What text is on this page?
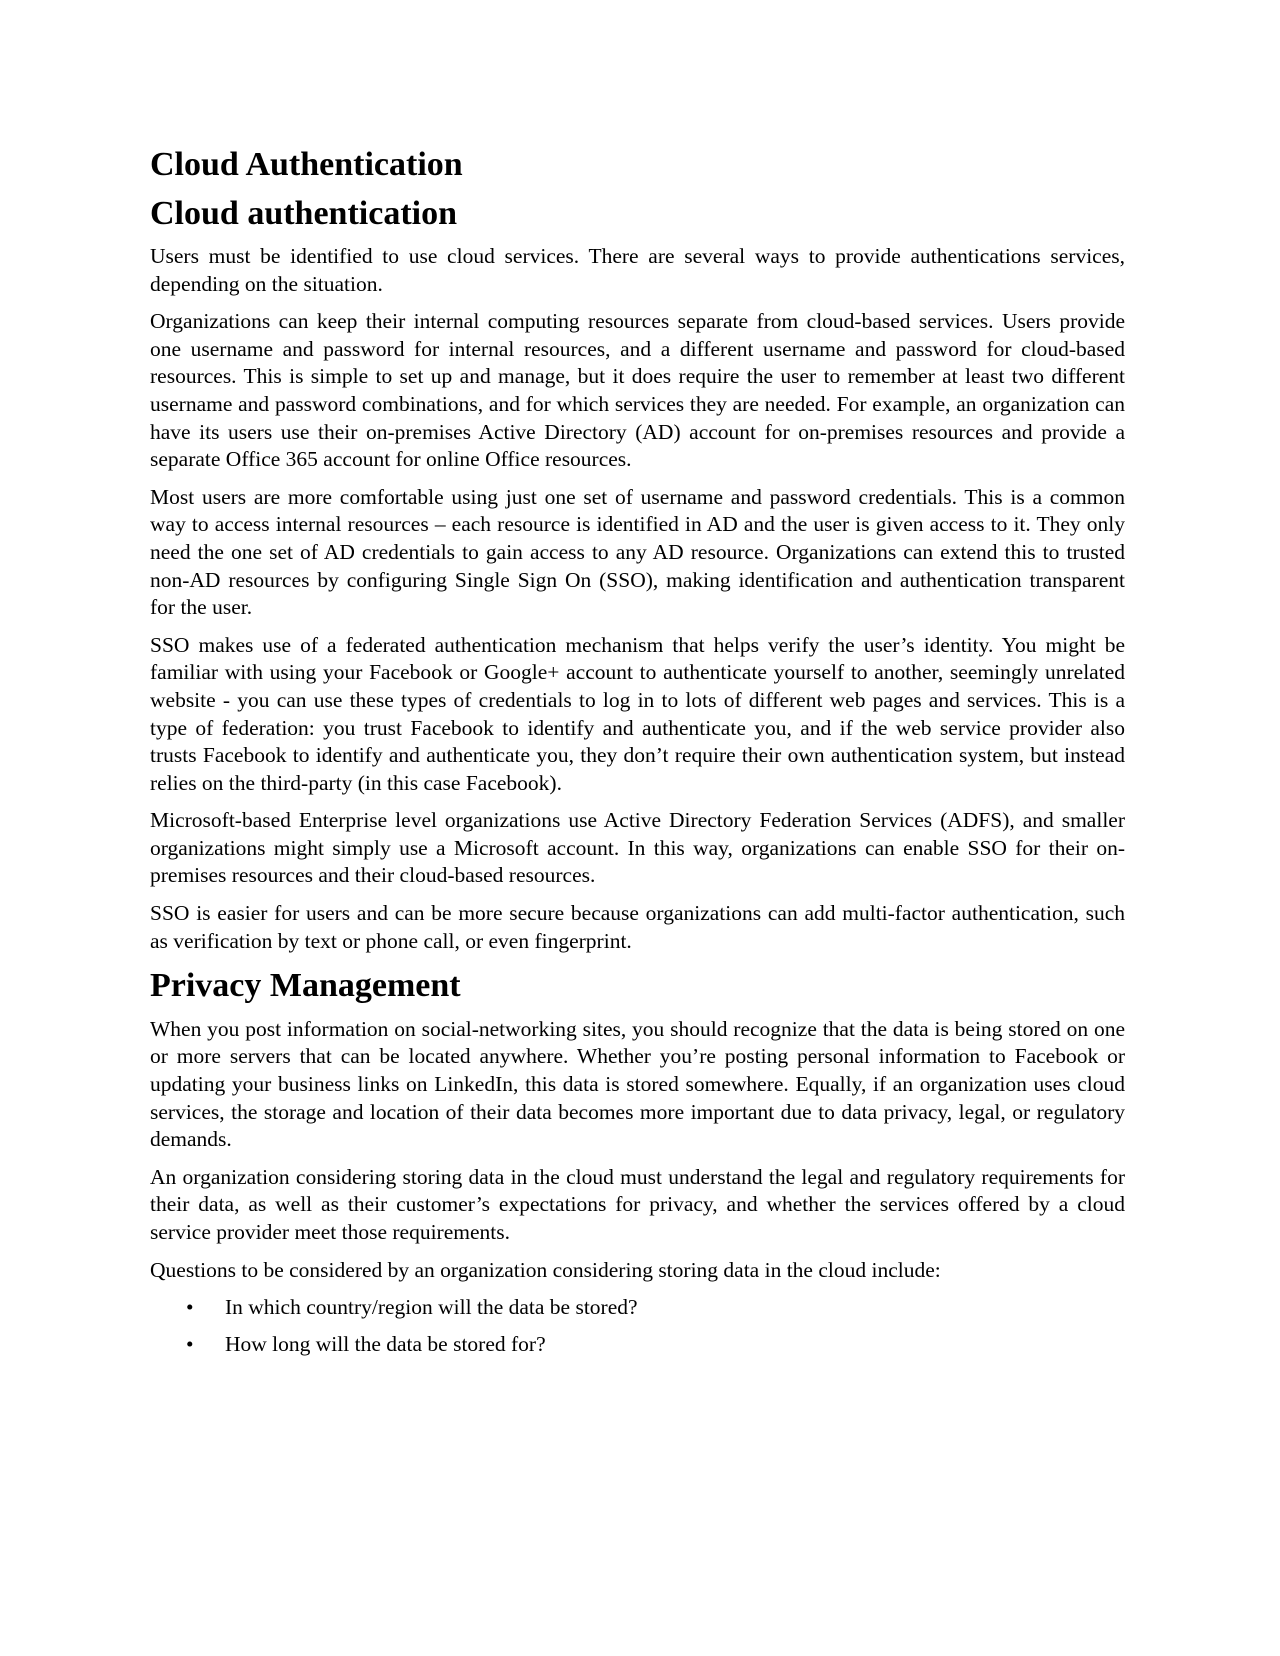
Cloud Authentication
Cloud authentication

Users must be identified to use cloud services. There are several ways to provide authentications services, depending on the situation.

Organizations can keep their internal computing resources separate from cloud-based services. Users provide one username and password for internal resources, and a different username and password for cloud-based resources. This is simple to set up and manage, but it does require the user to remember at least two different username and password combinations, and for which services they are needed. For example, an organization can have its users use their on-premises Active Directory (AD) account for on-premises resources and provide a separate Office 365 account for online Office resources.

Most users are more comfortable using just one set of username and password credentials. This is a common way to access internal resources – each resource is identified in AD and the user is given access to it. They only need the one set of AD credentials to gain access to any AD resource. Organizations can extend this to trusted non-AD resources by configuring Single Sign On (SSO), making identification and authentication transparent for the user.

SSO makes use of a federated authentication mechanism that helps verify the user’s identity. You might be familiar with using your Facebook or Google+ account to authenticate yourself to another, seemingly unrelated website - you can use these types of credentials to log in to lots of different web pages and services. This is a type of federation: you trust Facebook to identify and authenticate you, and if the web service provider also trusts Facebook to identify and authenticate you, they don’t require their own authentication system, but instead relies on the third-party (in this case Facebook).

Microsoft-based Enterprise level organizations use Active Directory Federation Services (ADFS), and smaller organizations might simply use a Microsoft account. In this way, organizations can enable SSO for their on-premises resources and their cloud-based resources.

SSO is easier for users and can be more secure because organizations can add multi-factor authentication, such as verification by text or phone call, or even fingerprint.

Privacy Management

When you post information on social-networking sites, you should recognize that the data is being stored on one or more servers that can be located anywhere. Whether you’re posting personal information to Facebook or updating your business links on LinkedIn, this data is stored somewhere. Equally, if an organization uses cloud services, the storage and location of their data becomes more important due to data privacy, legal, or regulatory demands.

An organization considering storing data in the cloud must understand the legal and regulatory requirements for their data, as well as their customer’s expectations for privacy, and whether the services offered by a cloud service provider meet those requirements.

Questions to be considered by an organization considering storing data in the cloud include:

• In which country/region will the data be stored?
• How long will the data be stored for?
